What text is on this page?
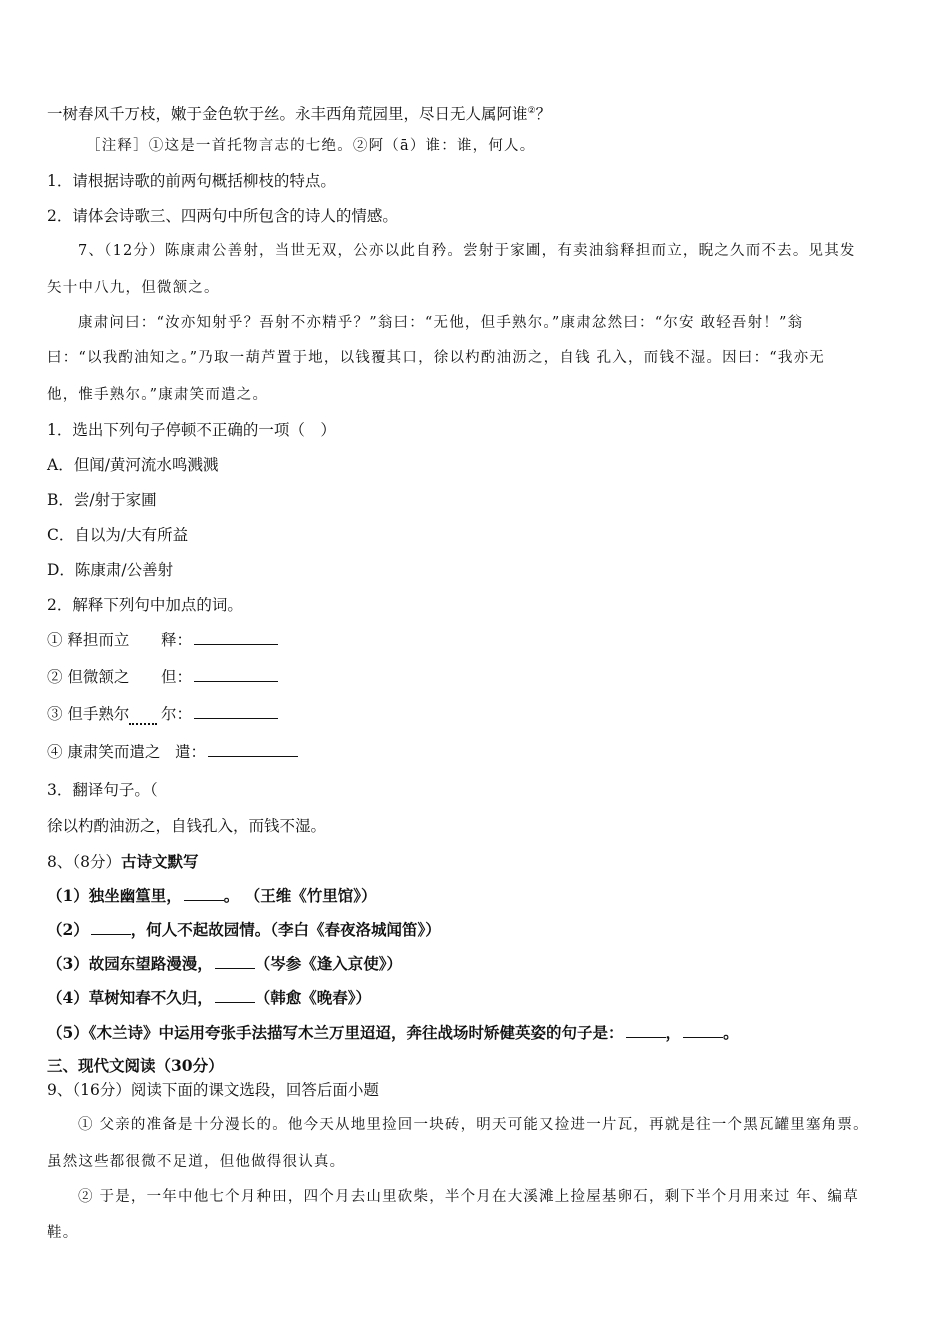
一树春风千万枝，嫩于金色软于丝。永丰西角荒园里，尽日无人属阿谁②？
［注释］①这是一首托物言志的七绝。②阿（ā）谁：谁，何人。
1．请根据诗歌的前两句概括柳枝的特点。
2．请体会诗歌三、四两句中所包含的诗人的情感。
7、（12分）陈康肃公善射，当世无双，公亦以此自矜。尝射于家圃，有卖油翁释担而立，睨之久而不去。见其发
矢十中八九，但微颔之。
康肃问曰：“汝亦知射乎？吾射不亦精乎？”翁曰：“无他，但手熟尔。”康肃忿然曰：“尔安 敢轻吾射！”翁
曰：“以我酌油知之。”乃取一葫芦置于地，以钱覆其口，徐以杓酌油沥之，自钱 孔入，而钱不湿。因曰：“我亦无
他，惟手熟尔。”康肃笑而遣之。
1．选出下列句子停顿不正确的一项（　）
A．但闻/黄河流水鸣溅溅
B．尝/射于家圃
C．自以为/大有所益
D．陈康肃/公善射
2．解释下列句中加点的词。
① 释担而立 释：
② 但微颔之 但：
③ 但手熟尔 尔：
④ 康肃笑而遣之 遣：
3．翻译句子。（
徐以杓酌油沥之，自钱孔入，而钱不湿。
8、（8分）古诗文默写
（1）独坐幽篁里，	。 （王维《竹里馆》）
（2）	，何人不起故园情。（李白《春夜洛城闻笛》）
（3）故园东望路漫漫，	（岑参《逢入京使》）
（4）草树知春不久归，	（韩愈《晚春》）
（5）《木兰诗》中运用夸张手法描写木兰万里迢迢，奔往战场时矫健英姿的句子是：	，	。
三、现代文阅读（30分）
9、（16分）阅读下面的课文选段，回答后面小题
① 父亲的准备是十分漫长的。他今天从地里捡回一块砖，明天可能又捡进一片瓦，再就是往一个黑瓦罐里塞角票。
虽然这些都很微不足道，但他做得很认真。
② 于是，一年中他七个月种田，四个月去山里砍柴，半个月在大溪滩上捡屋基卵石，剩下半个月用来过 年、编草
鞋。
